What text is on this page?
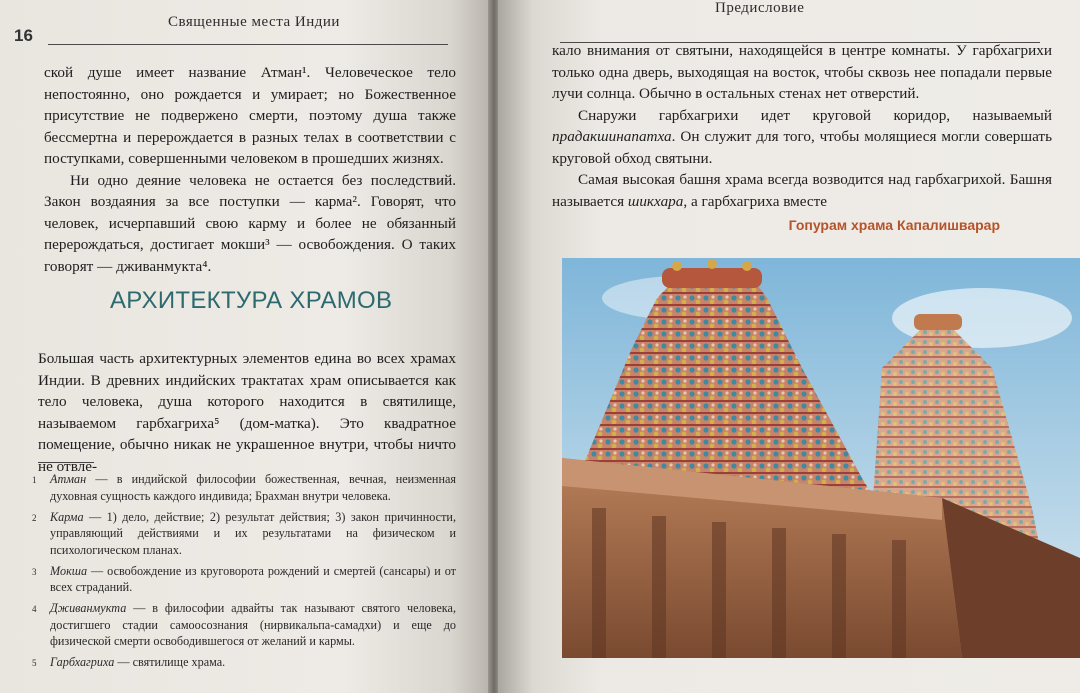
16
Священные места Индии

ской душе имеет название Атман¹. Человеческое тело непостоянно, оно рождается и умирает; но Божественное присутствие не подвержено смерти, поэтому душа также бессмертна и перерождается в разных телах в соответствии с поступками, совершенными человеком в прошедших жизнях.

Ни одно деяние человека не остается без последствий. Закон воздаяния за все поступки — карма². Говорят, что человек, исчерпавший свою карму и более не обязанный перерождаться, достигает мокши³ — освобождения. О таких говорят — дживанмукта⁴.

АРХИТЕКТУРА ХРАМОВ

Большая часть архитектурных элементов едина во всех храмах Индии. В древних индийских трактатах храм описывается как тело человека, душа которого находится в святилище, называемом гарбхагриха⁵ (дом-матка). Это квадратное помещение, обычно никак не украшенное внутри, чтобы ничто не отвле-

1	Атман — в индийской философии божественная, вечная, неизменная духовная сущность каждого индивида; Брахман внутри человека.
2	Карма — 1) дело, действие; 2) результат действия; 3) закон причинности, управляющий действиями и их результатами на физическом и психологическом планах.
3	Мокша — освобождение из круговорота рождений и смертей (сансары) и от всех страданий.
4	Дживанмукта — в философии адвайты так называют святого человека, достигшего стадии самоосознания (нирвикальпа-самадхи) и еще до физической смерти освободившегося от желаний и кармы.
5	Гарбхагриха — святилище храма.
Предисловие

кало внимания от святыни, находящейся в центре комнаты. У гарбхагрихи только одна дверь, выходящая на восток, чтобы сквозь нее попадали первые лучи солнца. Обычно в остальных стенах нет отверстий.

Снаружи гарбхагрихи идет круговой коридор, называемый прадакшинапатха. Он служит для того, чтобы молящиеся могли совершать круговой обход святыни.

Самая высокая башня храма всегда возводится над гарбхагрихой. Башня называется шикхара, а гарбхагриха вместе

Гопурам храма Капалишварар
